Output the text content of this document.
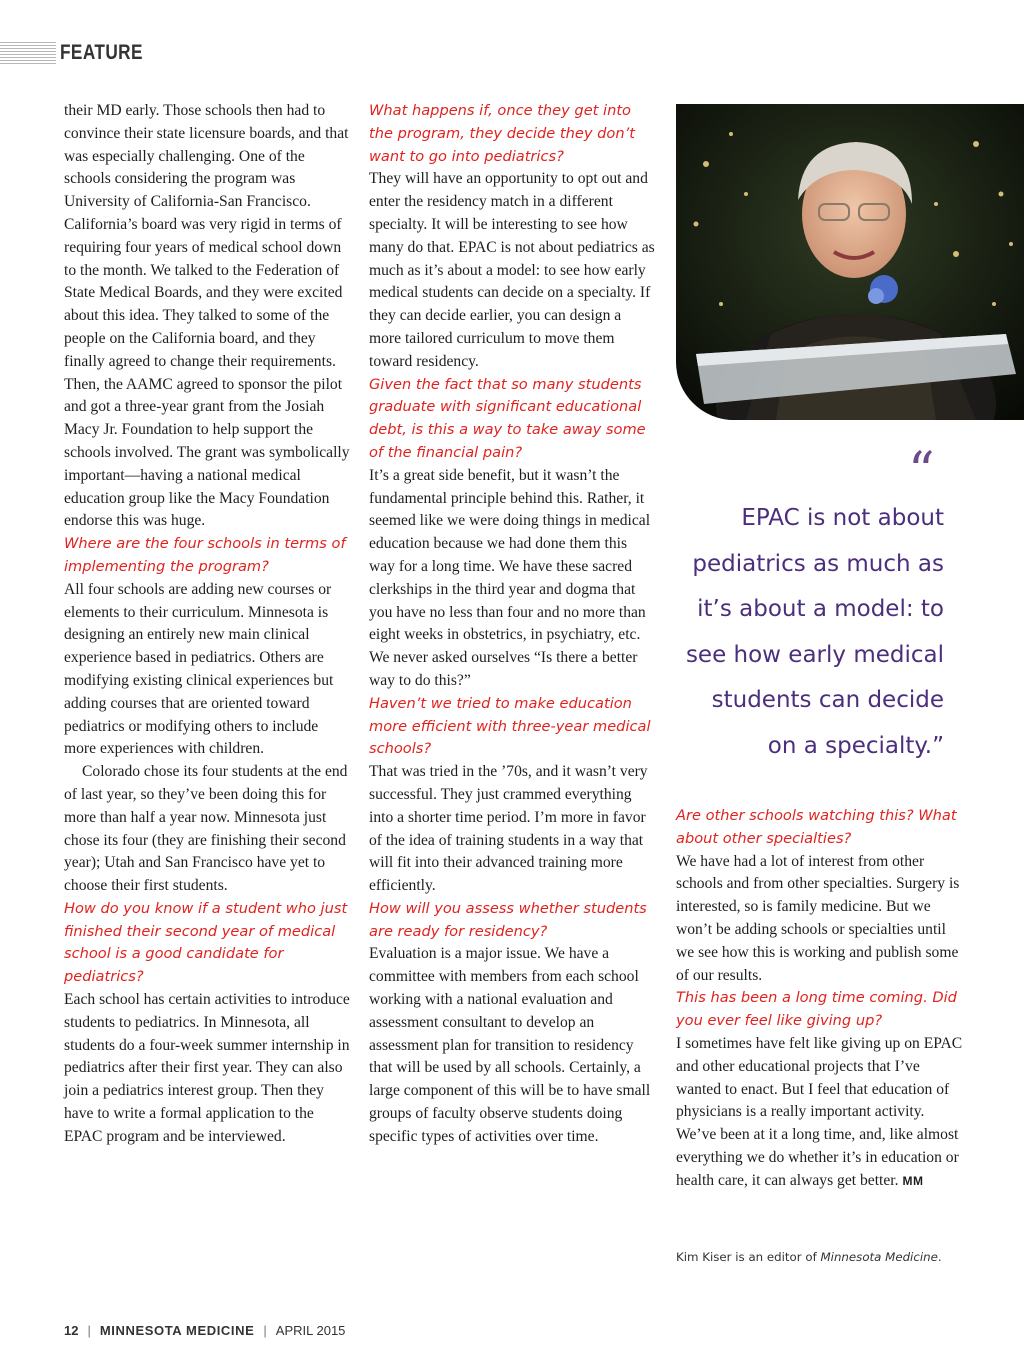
FEATURE

their MD early. Those schools then had to convince their state licensure boards, and that was especially challenging. One of the schools considering the program was University of California-San Francisco. California’s board was very rigid in terms of requiring four years of medical school down to the month. We talked to the Federation of State Medical Boards, and they were excited about this idea. They talked to some of the people on the California board, and they finally agreed to change their requirements. Then, the AAMC agreed to sponsor the pilot and got a three-year grant from the Josiah Macy Jr. Foundation to help support the schools involved. The grant was symbolically important—having a national medical education group like the Macy Foundation endorse this was huge.

Where are the four schools in terms of implementing the program?

All four schools are adding new courses or elements to their curriculum. Minnesota is designing an entirely new main clinical experience based in pediatrics. Others are modifying existing clinical experiences but adding courses that are oriented toward pediatrics or modifying others to include more experiences with children.

Colorado chose its four students at the end of last year, so they’ve been doing this for more than half a year now. Minnesota just chose its four (they are finishing their second year); Utah and San Francisco have yet to choose their first students.

How do you know if a student who just finished their second year of medical school is a good candidate for pediatrics?

Each school has certain activities to introduce students to pediatrics. In Minnesota, all students do a four-week summer internship in pediatrics after their first year. They can also join a pediatrics interest group. Then they have to write a formal application to the EPAC program and be interviewed.

What happens if, once they get into the program, they decide they don’t want to go into pediatrics?

They will have an opportunity to opt out and enter the residency match in a different specialty. It will be interesting to see how many do that. EPAC is not about pediatrics as much as it’s about a model: to see how early medical students can decide on a specialty. If they can decide earlier, you can design a more tailored curriculum to move them toward residency.

Given the fact that so many students graduate with significant educational debt, is this a way to take away some of the financial pain?

It’s a great side benefit, but it wasn’t the fundamental principle behind this. Rather, it seemed like we were doing things in medical education because we had done them this way for a long time. We have these sacred clerkships in the third year and dogma that you have no less than four and no more than eight weeks in obstetrics, in psychiatry, etc. We never asked ourselves “Is there a better way to do this?”

Haven’t we tried to make education more efficient with three-year medical schools?

That was tried in the ’70s, and it wasn’t very successful. They just crammed everything into a shorter time period. I’m more in favor of the idea of training students in a way that will fit into their advanced training more efficiently.

How will you assess whether students are ready for residency?

Evaluation is a major issue. We have a committee with members from each school working with a national evaluation and assessment consultant to develop an assessment plan for transition to residency that will be used by all schools. Certainly, a large component of this will be to have small groups of faculty observe students doing specific types of activities over time.

“
EPAC is not about pediatrics as much as it’s about a model: to see how early medical students can decide on a specialty.”

Are other schools watching this? What about other specialties?

We have had a lot of interest from other schools and from other specialties. Surgery is interested, so is family medicine. But we won’t be adding schools or specialties until we see how this is working and publish some of our results.

This has been a long time coming. Did you ever feel like giving up?

I sometimes have felt like giving up on EPAC and other educational projects that I’ve wanted to enact. But I feel that education of physicians is a really important activity. We’ve been at it a long time, and, like almost everything we do whether it’s in education or health care, it can always get better. MM

Kim Kiser is an editor of Minnesota Medicine.
12 | MINNESOTA MEDICINE | APRIL 2015
